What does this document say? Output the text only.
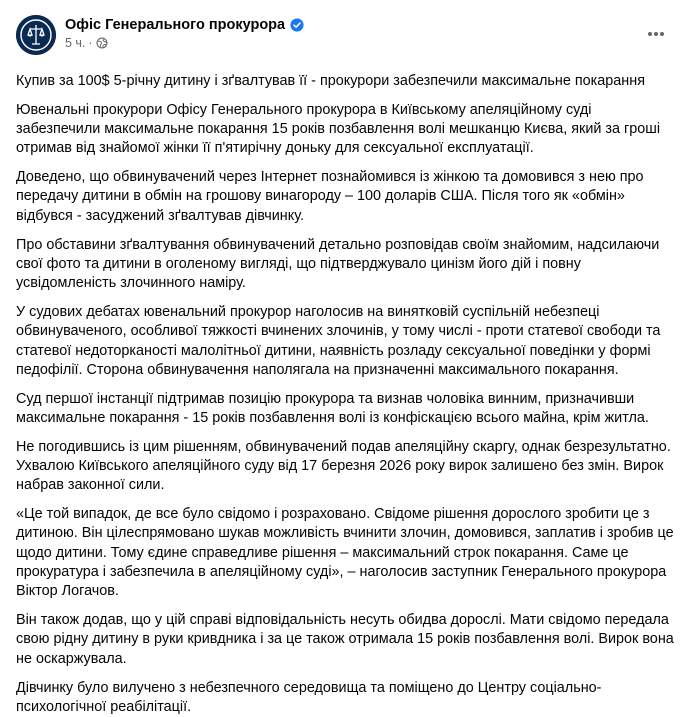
Офіс Генерального прокурора
5 ч. ·

Купив за 100$ 5-річну дитину і зґвалтував її - прокурори забезпечили максимальне покарання

Ювенальні прокурори Офісу Генерального прокурора в Київському апеляційному суді забезпечили максимальне покарання 15 років позбавлення волі мешканцю Києва, який за гроші отримав від знайомої жінки її п'ятирічну доньку для сексуальної експлуатації.

Доведено, що обвинувачений через Інтернет познайомився із жінкою та домовився з нею про передачу дитини в обмін на грошову винагороду – 100 доларів США. Після того як «обмін» відбувся - засуджений зґвалтував дівчинку.

Про обставини зґвалтування обвинувачений детально розповідав своїм знайомим, надсилаючи свої фото та дитини в оголеному вигляді, що підтверджувало цинізм його дій і повну усвідомленість злочинного наміру.

У судових дебатах ювенальний прокурор наголосив на винятковій суспільній небезпеці обвинуваченого, особливої тяжкості вчинених злочинів, у тому числі - проти статевої свободи та статевої недоторканості малолітньої дитини, наявність розладу сексуальної поведінки у формі педофілії. Сторона обвинувачення наполягала на призначенні максимального покарання.

Суд першої інстанції підтримав позицію прокурора та визнав чоловіка винним, призначивши максимальне покарання - 15 років позбавлення волі із конфіскацією всього майна, крім житла.

Не погодившись із цим рішенням, обвинувачений подав апеляційну скаргу, однак безрезультатно. Ухвалою Київського апеляційного суду від 17 березня 2026 року вирок залишено без змін. Вирок набрав законної сили.

«Це той випадок, де все було свідомо і розраховано. Свідоме рішення дорослого зробити це з дитиною. Він цілеспрямовано шукав можливість вчинити злочин, домовився, заплатив і зробив це щодо дитини. Тому єдине справедливе рішення – максимальний строк покарання. Саме це прокуратура і забезпечила в апеляційному суді», – наголосив заступник Генерального прокурора Віктор Логачов.

Він також додав, що у цій справі відповідальність несуть обидва дорослі. Мати свідомо передала свою рідну дитину в руки кривдника і за це також отримала 15 років позбавлення волі. Вирок вона не оскаржувала.

Дівчинку було вилучено з небезпечного середовища та поміщено до Центру соціально-психологічної реабілітації.
